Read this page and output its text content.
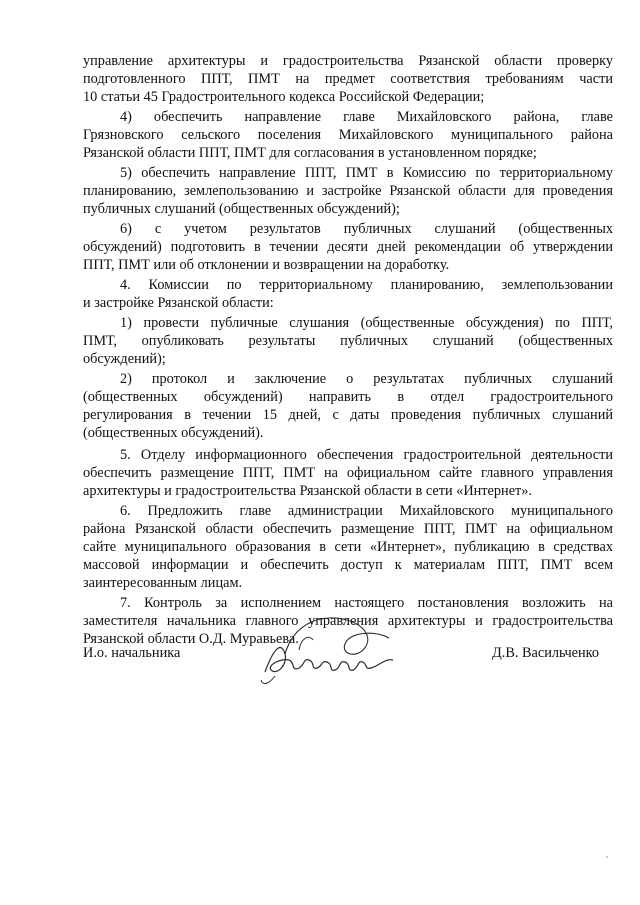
управление архитектуры и градостроительства Рязанской области проверку
подготовленного ППТ, ПМТ на предмет соответствия требованиям части
10 статьи 45 Градостроительного кодекса Российской Федерации;
4) обеспечить направление главе Михайловского района, главе
Грязновского сельского поселения Михайловского муниципального района
Рязанской области ППТ, ПМТ для согласования в установленном порядке;
5) обеспечить направление ППТ, ПМТ в Комиссию по территориальному
планированию, землепользованию и застройке Рязанской области для проведения
публичных слушаний (общественных обсуждений);
6) с учетом результатов публичных слушаний (общественных
обсуждений) подготовить в течении десяти дней рекомендации об утверждении
ППТ, ПМТ или об отклонении и возвращении на доработку.
4. Комиссии по территориальному планированию, землепользовании
и застройке Рязанской области:
1) провести публичные слушания (общественные обсуждения) по ППТ,
ПМТ, опубликовать результаты публичных слушаний (общественных
обсуждений);
2) протокол и заключение о результатах публичных слушаний
(общественных обсуждений) направить в отдел градостроительного
регулирования в течении 15 дней, с даты проведения публичных слушаний
(общественных обсуждений).
5. Отделу информационного обеспечения градостроительной деятельности
обеспечить размещение ППТ, ПМТ на официальном сайте главного управления
архитектуры и градостроительства Рязанской области в сети «Интернет».
6. Предложить главе администрации Михайловского муниципального
района Рязанской области обеспечить размещение ППТ, ПМТ на официальном
сайте муниципального образования в сети «Интернет», публикацию в средствах
массовой информации и обеспечить доступ к материалам ППТ, ПМТ всем
заинтересованным лицам.
7. Контроль за исполнением настоящего постановления возложить на
заместителя начальника главного управления архитектуры и градостроительства
Рязанской области О.Д. Муравьева.
И.о. начальника	Д.В. Васильченко
